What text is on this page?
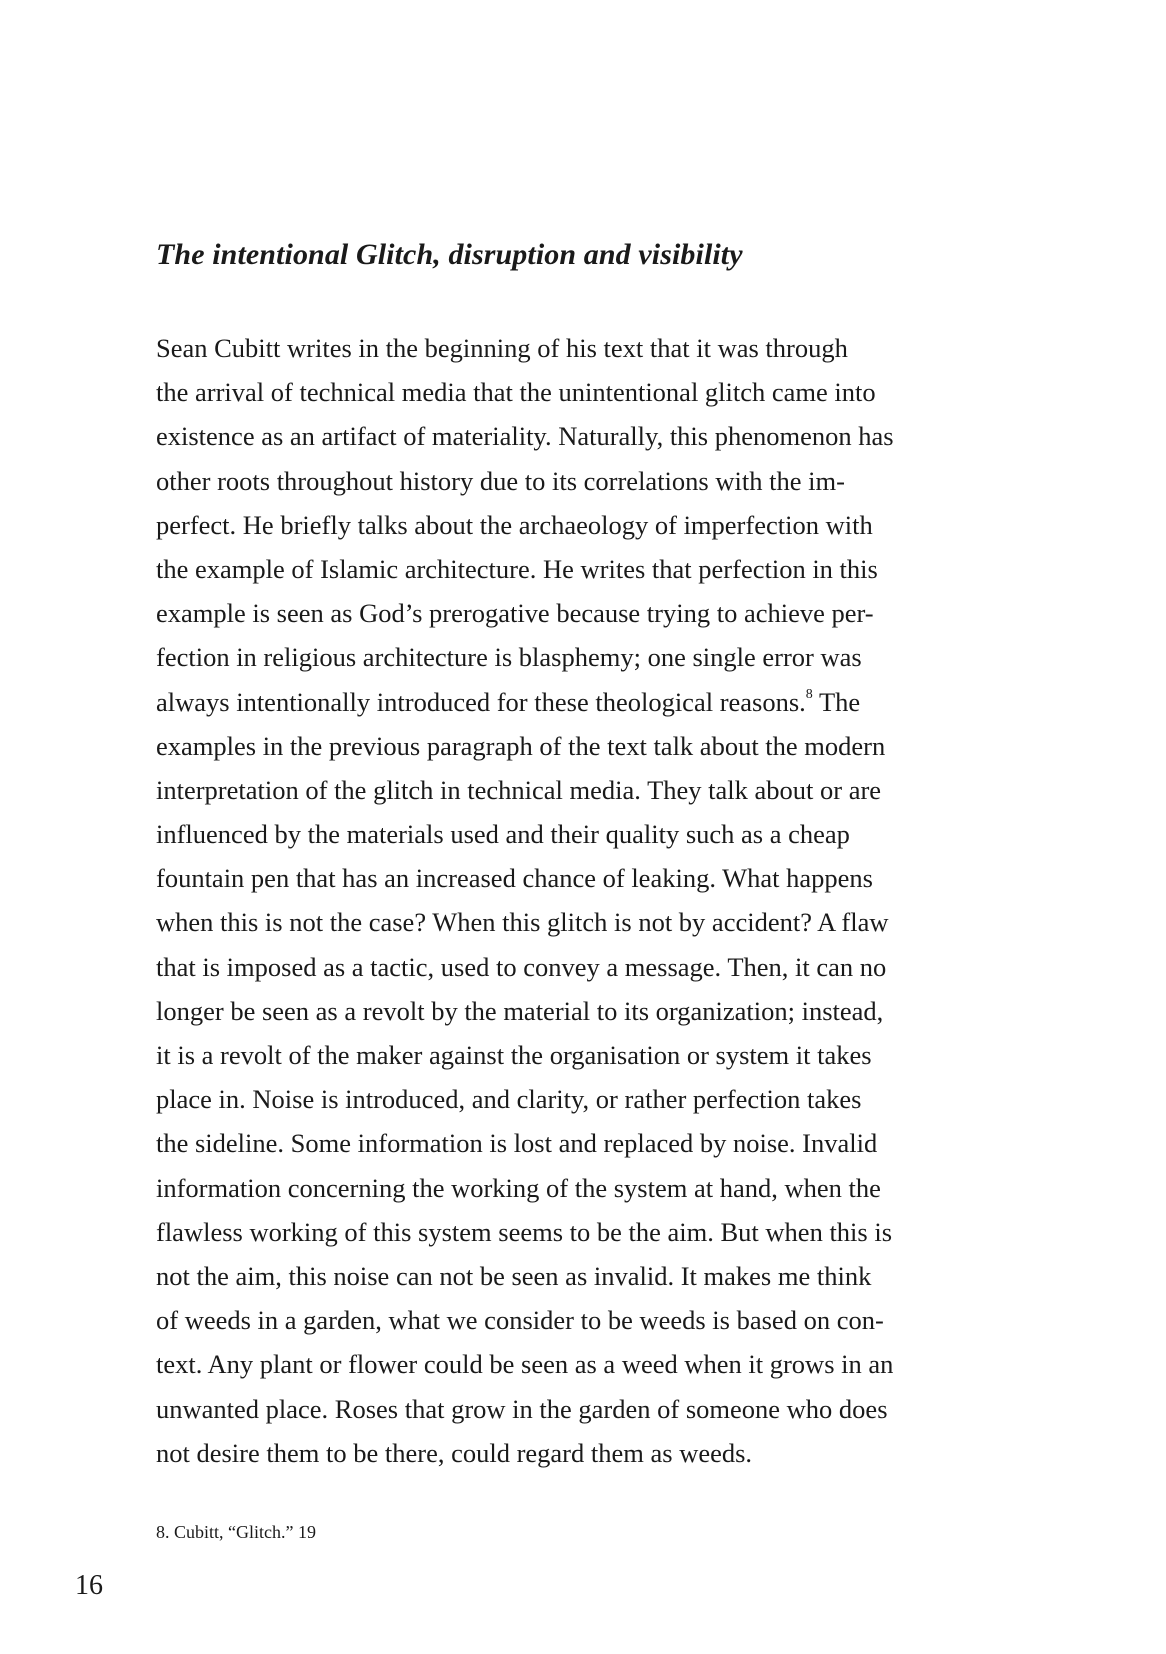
The intentional Glitch, disruption and visibility
Sean Cubitt writes in the beginning of his text that it was through
the arrival of technical media that the unintentional glitch came into
existence as an artifact of materiality. Naturally, this phenomenon has
other roots throughout history due to its correlations with the im-
perfect. He briefly talks about the archaeology of imperfection with
the example of Islamic architecture. He writes that perfection in this
example is seen as God’s prerogative because trying to achieve per-
fection in religious architecture is blasphemy; one single error was
always intentionally introduced for these theological reasons.$^8$ The
examples in the previous paragraph of the text talk about the modern
interpretation of the glitch in technical media. They talk about or are
influenced by the materials used and their quality such as a cheap
fountain pen that has an increased chance of leaking. What happens
when this is not the case? When this glitch is not by accident? A flaw
that is imposed as a tactic, used to convey a message. Then, it can no
longer be seen as a revolt by the material to its organization; instead,
it is a revolt of the maker against the organisation or system it takes
place in. Noise is introduced, and clarity, or rather perfection takes
the sideline. Some information is lost and replaced by noise. Invalid
information concerning the working of the system at hand, when the
flawless working of this system seems to be the aim. But when this is
not the aim, this noise can not be seen as invalid. It makes me think
of weeds in a garden, what we consider to be weeds is based on con-
text. Any plant or flower could be seen as a weed when it grows in an
unwanted place. Roses that grow in the garden of someone who does
not desire them to be there, could regard them as weeds.

8. Cubitt, “Glitch.” 19

16
